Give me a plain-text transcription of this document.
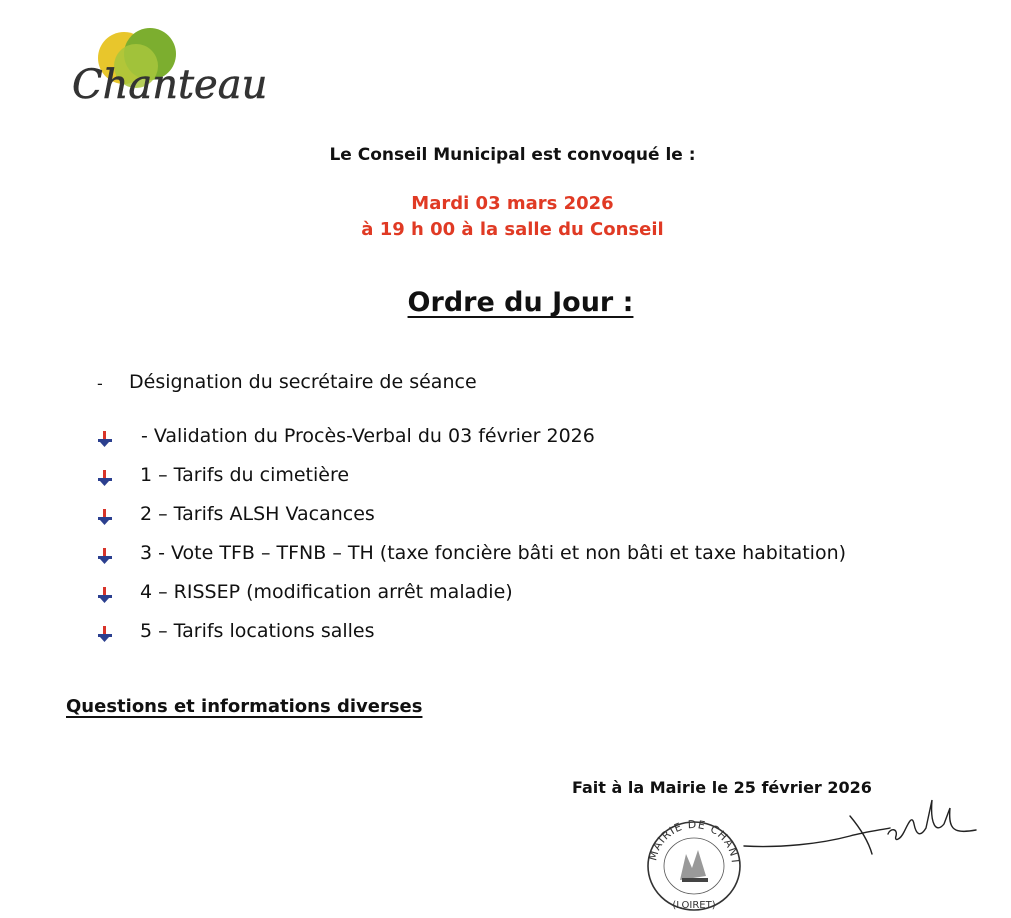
Chanteau
Le Conseil Municipal est convoqué le :
Mardi 03 mars 2026
à 19 h 00 à la salle du Conseil
Ordre du Jour :
- Désignation du secrétaire de séance
- Validation du Procès-Verbal du 03 février 2026
1 – Tarifs du cimetière
2 – Tarifs ALSH Vacances
3 - Vote TFB – TFNB – TH (taxe foncière bâti et non bâti et taxe habitation)
4 – RISSEP (modification arrêt maladie)
5 – Tarifs locations salles
Questions et informations diverses
Fait à la Mairie le 25 février 2026
MAIRIE DE CHANT
(LOIRET)
